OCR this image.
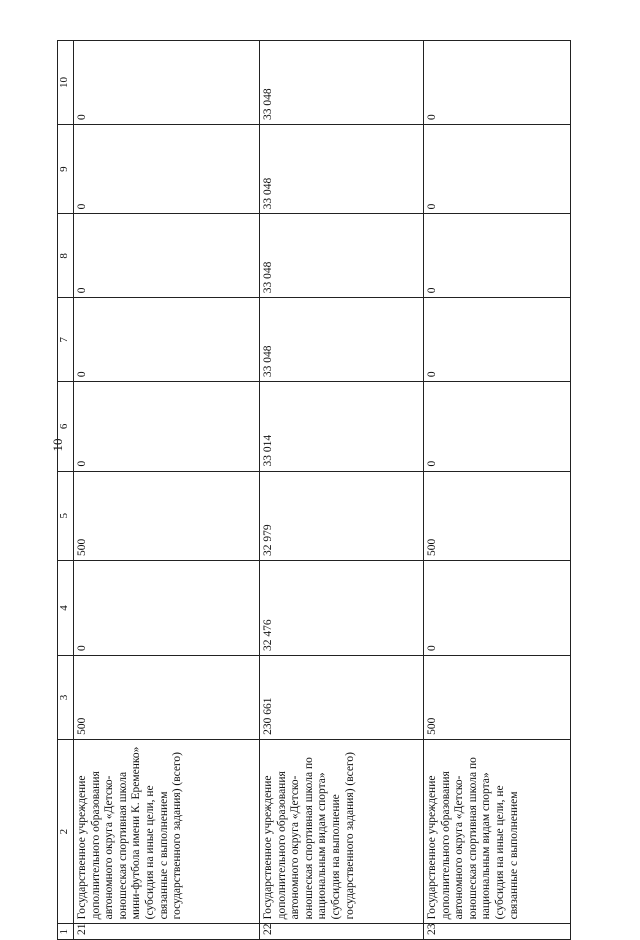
10
1	2	3	4	5	6	7	8	9	10
21	Государственное учреждение дополнительного образования автономного округа «Детско-юношеская спортивная школа мини-футбола имени К. Еременко» (субсидия на иные цели, не связанные с выполнением государственного задания) (всего)	500	0	500	0	0	0	0	0
22	Государственное учреждение дополнительного образования автономного округа «Детско-юношеская спортивная школа по национальным видам спорта» (субсидия на выполнение государственного задания) (всего)	230 661	32 476	32 979	33 014	33 048	33 048	33 048	33 048
23	Государственное учреждение дополнительного образования автономного округа «Детско-юношеская спортивная школа по национальным видам спорта» (субсидия на иные цели, не связанные с выполнением	500	0	500	0	0	0	0	0
